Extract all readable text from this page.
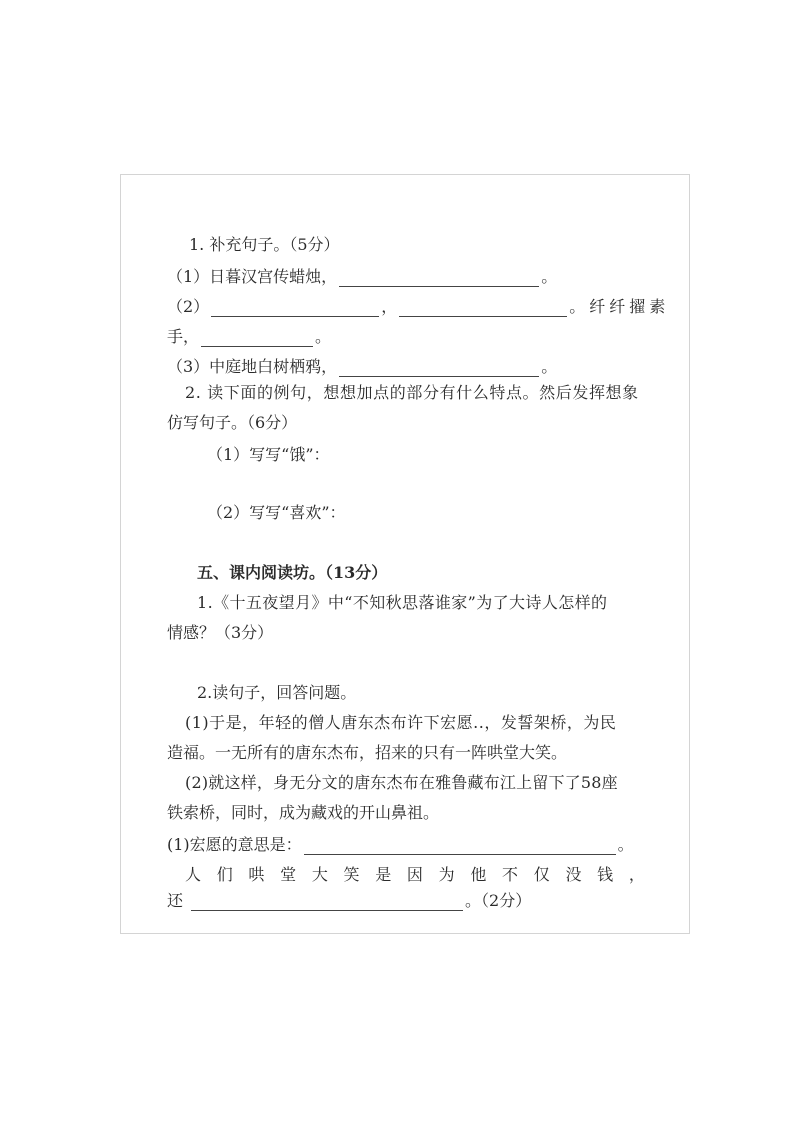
1. 补充句子。（5分）
（1）日暮汉宫传蜡烛，	。
（2）	，	。纤纤擢素
手，	。
（3）中庭地白树栖鸦，	。
2. 读下面的例句，想想加点的部分有什么特点。然后发挥想象
仿写句子。（6分）
（1）写写“饿”：
（2）写写“喜欢”：
五、课内阅读坊。（13分）
1.《十五夜望月》中“不知秋思落谁家”为了大诗人怎样的
情感？（3分）
2.读句子，回答问题。
(1)于是，年轻的僧人唐东杰布许下宏愿..，发誓架桥，为民
造福。一无所有的唐东杰布，招来的只有一阵哄堂大笑。
(2)就这样，身无分文的唐东杰布在雅鲁藏布江上留下了58座
铁索桥，同时，成为藏戏的开山鼻祖。
(1)宏愿的意思是：	。
人 们 哄 堂 大 笑 是 因 为 他 不 仅 没 钱 ，
还	。（2分）
